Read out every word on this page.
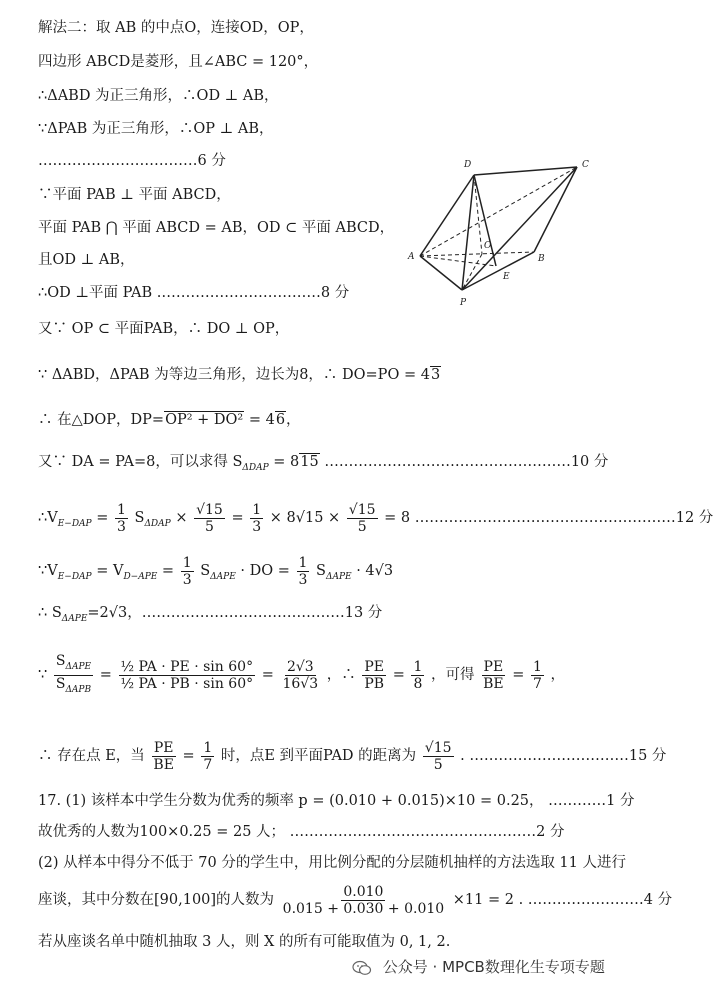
解法二：取 AB 的中点O，连接OD，OP，
四边形 ABCD是菱形，且∠ABC = 120°，
∴ΔABD 为正三角形，∴OD ⊥ AB，
∵ΔPAB 为正三角形，∴OP ⊥ AB，
……………………………6 分
∵平面 PAB ⊥ 平面 ABCD，
平面 PAB ⋂ 平面 ABCD = AB，OD ⊂ 平面 ABCD，
且OD ⊥ AB，
∴OD ⊥平面 PAB .……………………………8 分
又∵ OP ⊂ 平面PAB，∴ DO ⊥ OP，
∵ ΔABD，ΔPAB 为等边三角形，边长为8，∴ DO=PO = 43
∴ 在△DOP，DP=OP² + DO² = 46，
又∵ DA = PA=8，可以求得 $S_{\Delta DAP} = 815$ ……………………………………………10 分
$\therefore V_{E-DAP} = \frac{1}{3} S_{\Delta DAP} \times \frac{√15}{5} = \frac{1}{3} \times 8√15 \times \frac{√15}{5} = 8$ ………………………………………………12 分
$\because V_{E-DAP} = V_{D-APE} = \frac{1}{3} S_{\Delta APE}$ · DO = $\frac{1}{3} S_{\Delta APE} \cdot 4√3$
∴ $S_{\Delta APE}=2√3$，……………………………………13 分
∵ $\frac{S_{\Delta APE}}{S_{\Delta APB}} = \frac{\text{½ PA · PE · sin 60°}}{\text{½ PA · PB · sin 60°}} = \frac{2√3}{16√3}$ ，∴ $\frac{PE}{PB} = \frac{1}{8}$ ，可得 $\frac{PE}{BE} = \frac{1}{7}$ ，
∴ 存在点 E，当 $\frac{PE}{BE} = \frac{1}{7}$ 时，点E 到平面PAD 的距离为 $\frac{√15}{5}$ . ……………………………15 分
17. (1) 该样本中学生分数为优秀的频率 p = (0.010 + 0.015)×10 = 0.25， …………1 分
故优秀的人数为100×0.25 = 25 人； ……………………………………………2 分
(2) 从样本中得分不低于 70 分的学生中，用比例分配的分层随机抽样的方法选取 11 人进行
座谈，其中分数在[90,100]的人数为 $\frac{0.010}{0.015 + 0.030 + 0.010} \times 11 = 2$ . ……………………4 分
若从座谈名单中随机抽取 3 人，则 X 的所有可能取值为 0, 1, 2.
D	C
A
O
B
E
P
公众号 · MPCB数理化生专项专题
